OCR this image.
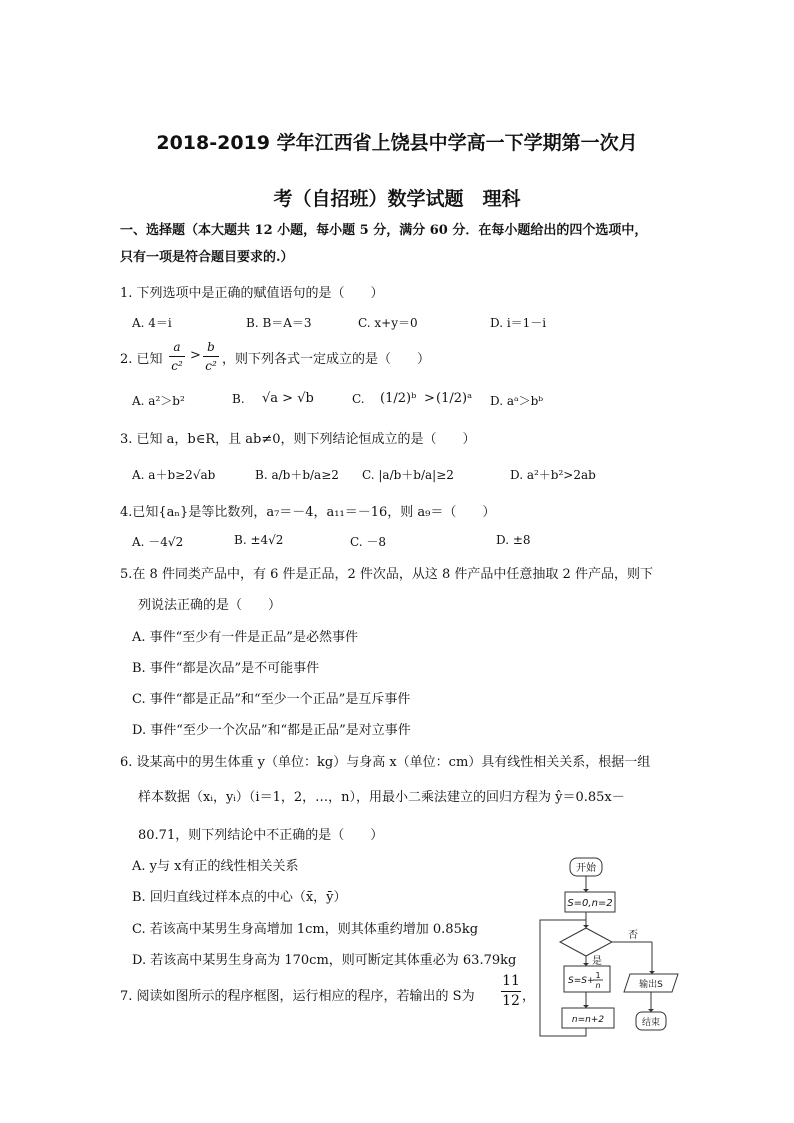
2018-2019 学年江西省上饶县中学高一下学期第一次月
考（自招班）数学试题　理科
一、选择题（本大题共 12 小题，每小题 5 分，满分 60 分．在每小题给出的四个选项中，
只有一项是符合题目要求的.）
1. 下列选项中是正确的赋值语句的是（　　）
A. 4＝i	B. B＝A＝3	C. x+y＝0	D. i＝1－i
2. 已知
a
c²
>
b
c² ，则下列各式一定成立的是（　　）
A. a²＞b²	B. √a > √b	C. (1/2)ᵇ > (1/2)ᵃ D. aᵃ＞bᵇ
3. 已知 a，b∈R，且 ab≠0，则下列结论恒成立的是（　　）
A. a＋b≥2√ab	B. a/b＋b/a≥2 C. |a/b＋b/a|≥2	D. a²＋b²>2ab
4.已知{aₙ}是等比数列，a₇＝－4，a₁₁＝－16，则 a₉＝（　　）
A. －4√2	B. ±4√2	C. －8	D. ±8
5.在 8 件同类产品中，有 6 件是正品，2 件次品，从这 8 件产品中任意抽取 2 件产品，则下
列说法正确的是（　　）
A. 事件“至少有一件是正品”是必然事件
B. 事件“都是次品”是不可能事件
C. 事件“都是正品”和“至少一个正品”是互斥事件
D. 事件“至少一个次品”和“都是正品”是对立事件
6. 设某高中的男生体重 y（单位：kg）与身高 x（单位：cm）具有线性相关关系，根据一组
样本数据（xᵢ，yᵢ）（i＝1，2，…，n），用最小二乘法建立的回归方程为 ŷ＝0.85x－
80.71，则下列结论中不正确的是（　　）
A. y与 x有正的线性相关关系
B. 回归直线过样本点的中心（x̄，ȳ）
C. 若该高中某男生身高增加 1cm，则其体重约增加 0.85kg
D. 若该高中某男生身高为 170cm，则可断定其体重必为 63.79kg
7. 阅读如图所示的程序框图，运行相应的程序，若输出的 S为
11
12 ，
开始
S=0,n=2
是
否
S=S+
1
n	输出S
n=n+2	结束
